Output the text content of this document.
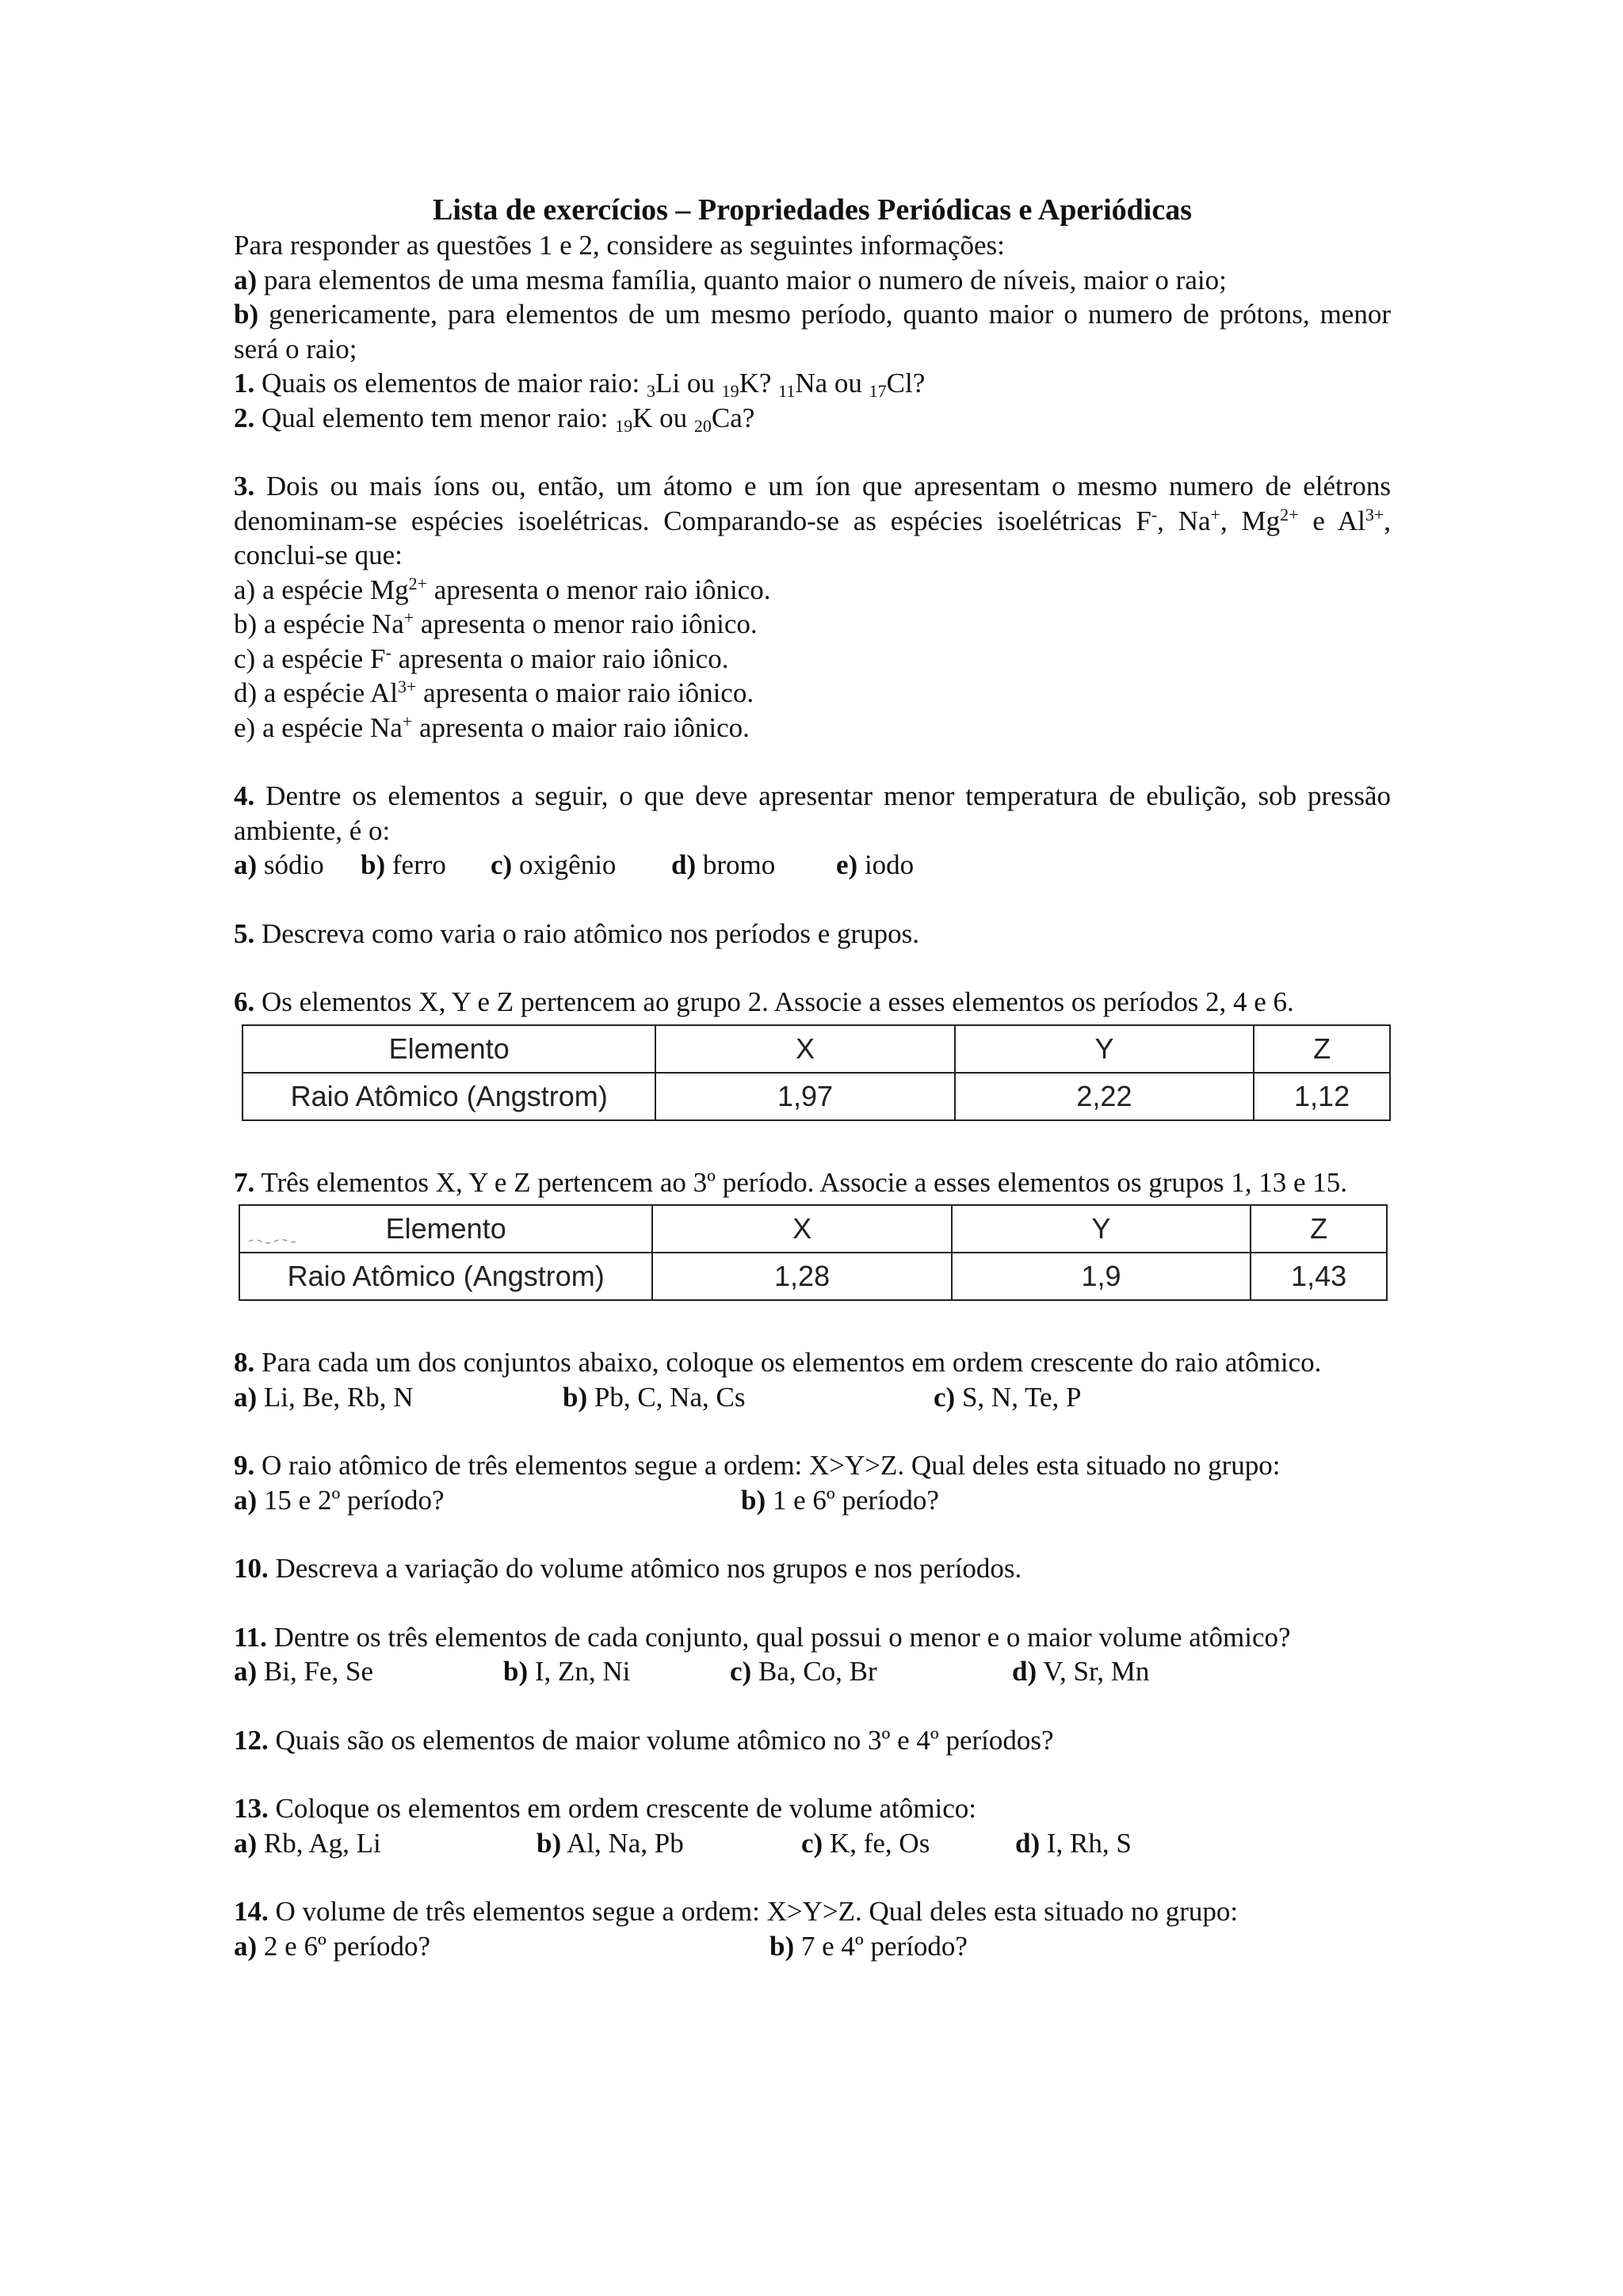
Lista de exercícios – Propriedades Periódicas e Aperiódicas

Para responder as questões 1 e 2, considere as seguintes informações:

a) para elementos de uma mesma família, quanto maior o numero de níveis, maior o raio;

b) genericamente, para elementos de um mesmo período, quanto maior o numero de prótons, menor será o raio;

1. Quais os elementos de maior raio: $_3$Li ou $_{19}$K? $_{11}$Na ou $_{17}$Cl?

2. Qual elemento tem menor raio: $_{19}$K ou $_{20}$Ca?

3. Dois ou mais íons ou, então, um átomo e um íon que apresentam o mesmo numero de elétrons denominam-se espécies isoelétricas. Comparando-se as espécies isoelétricas F-, Na+, $Mg^{2+}$ e $Al^{3+}$, conclui-se que:

a) a espécie $Mg^{2+}$ apresenta o menor raio iônico.

b) a espécie Na+ apresenta o menor raio iônico.

c) a espécie F- apresenta o maior raio iônico.

d) a espécie $Al^{3+}$ apresenta o maior raio iônico.

e) a espécie Na+ apresenta o maior raio iônico.

4. Dentre os elementos a seguir, o que deve apresentar menor temperatura de ebulição, sob pressão ambiente, é o:

a) sódio b) ferro c) oxigênio d) bromo e) iodo

5. Descreva como varia o raio atômico nos períodos e grupos.

6. Os elementos X, Y e Z pertencem ao grupo 2. Associe a esses elementos os períodos 2, 4 e 6.

Elemento	X	Y	Z
Raio Atômico (Angstrom)	1,97	2,22	1,12

7. Três elementos X, Y e Z pertencem ao 3º período. Associe a esses elementos os grupos 1, 13 e 15.

Elemento	X	Y	Z
Raio Atômico (Angstrom)	1,28	1,9	1,43

8. Para cada um dos conjuntos abaixo, coloque os elementos em ordem crescente do raio atômico.

a) Li, Be, Rb, N	b) Pb, C, Na, Cs	c) S, N, Te, P

9. O raio atômico de três elementos segue a ordem: X>Y>Z. Qual deles esta situado no grupo:

a) 15 e 2º período?	b) 1 e 6º período?

10. Descreva a variação do volume atômico nos grupos e nos períodos.

11. Dentre os três elementos de cada conjunto, qual possui o menor e o maior volume atômico?

a) Bi, Fe, Se	b) I, Zn, Ni	c) Ba, Co, Br	d) V, Sr, Mn

12. Quais são os elementos de maior volume atômico no 3º e 4º períodos?

13. Coloque os elementos em ordem crescente de volume atômico:

a) Rb, Ag, Li	b) Al, Na, Pb	c) K, fe, Os	d) I, Rh, S

14. O volume de três elementos segue a ordem: X>Y>Z. Qual deles esta situado no grupo:

a) 2 e 6º período?	b) 7 e 4º período?
